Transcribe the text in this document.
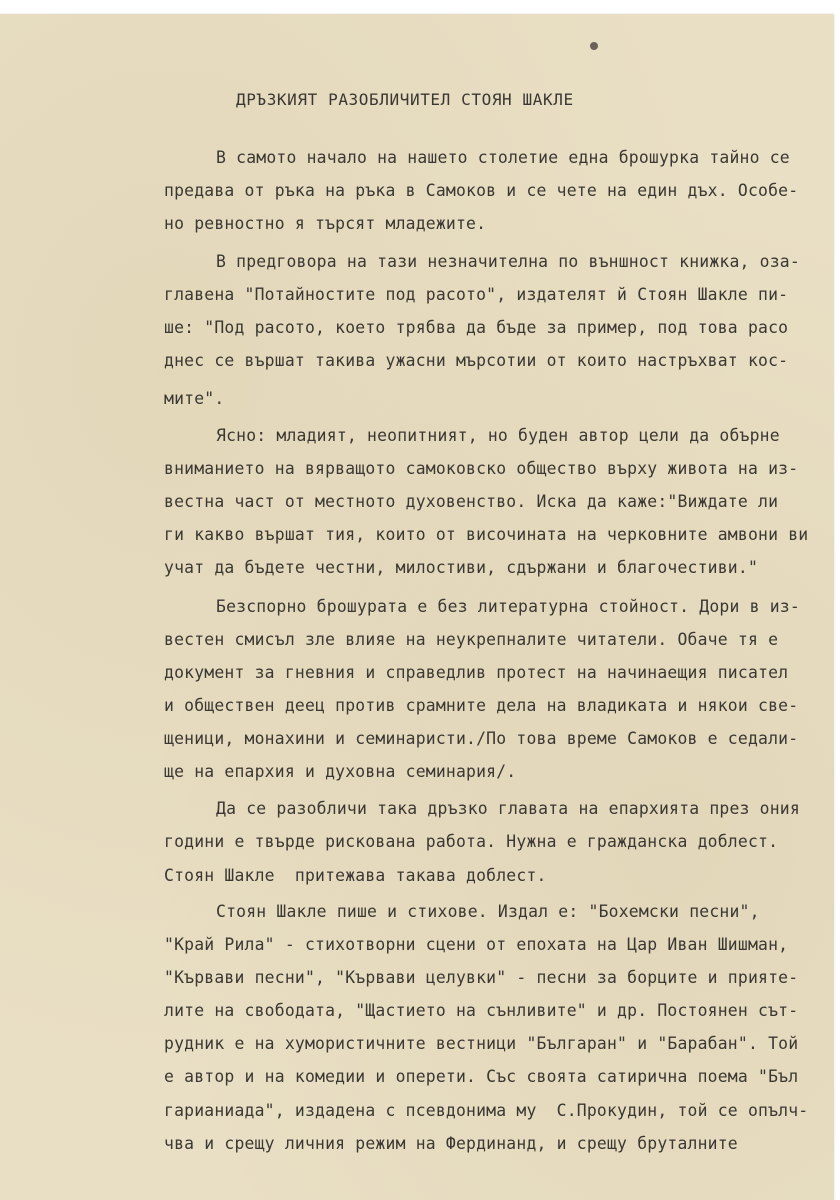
ДРЪЗКИЯТ РАЗОБЛИЧИТЕЛ СТОЯН ШАКЛЕ

В самото начало на нашето столетие една брошурка тайно се

предава от ръка на ръка в Самоков и се чете на един дъх. Особе-

но ревностно я търсят младежите.

В предговора на тази незначителна по външност книжка, оза-

главена "Потайностите под расото", издателят й Стоян Шакле пи-

ше: "Под расото, което трябва да бъде за пример, под това расо

днес се вършат такива ужасни мърсотии от които настръхват кос-

мите".

Ясно: младият, неопитният, но буден автор цели да обърне

вниманието на вярващото самоковско общество върху живота на из-

вестна част от местното духовенство. Иска да каже:"Виждате ли

ги какво вършат тия, които от височината на черковните амвони ви

учат да бъдете честни, милостиви, сдържани и благочестиви."

Безспорно брошурата е без литературна стойност. Дори в из-

вестен смисъл зле влияе на неукрепналите читатели. Обаче тя е

документ за гневния и справедлив протест на начинаещия писател

и обществен деец против срамните дела на владиката и някои све-

щеници, монахини и семинаристи./По това време Самоков е седали-

ще на епархия и духовна семинария/.

Да се разобличи така дръзко главата на епархията през ония

години е твърде рискована работа. Нужна е гражданска доблест.

Стоян Шакле  притежава такава доблест.

Стоян Шакле пише и стихове. Издал е: "Бохемски песни",

"Край Рила" - стихотворни сцени от епохата на Цар Иван Шишман,

"Кървави песни", "Кървави целувки" - песни за борците и приятe-

лите на свободата, "Щастието на сънливите" и др. Постоянен сът-

рудник е на хумористичните вестници "Българан" и "Барабан". Той

е автор и на комедии и оперети. Със своята сатирична поема "Бъл

гарианиада", издадена с псевдонима му  С.Прокудин, той се опълч-

чва и срещу личния режим на Фердинанд, и срещу бруталните
